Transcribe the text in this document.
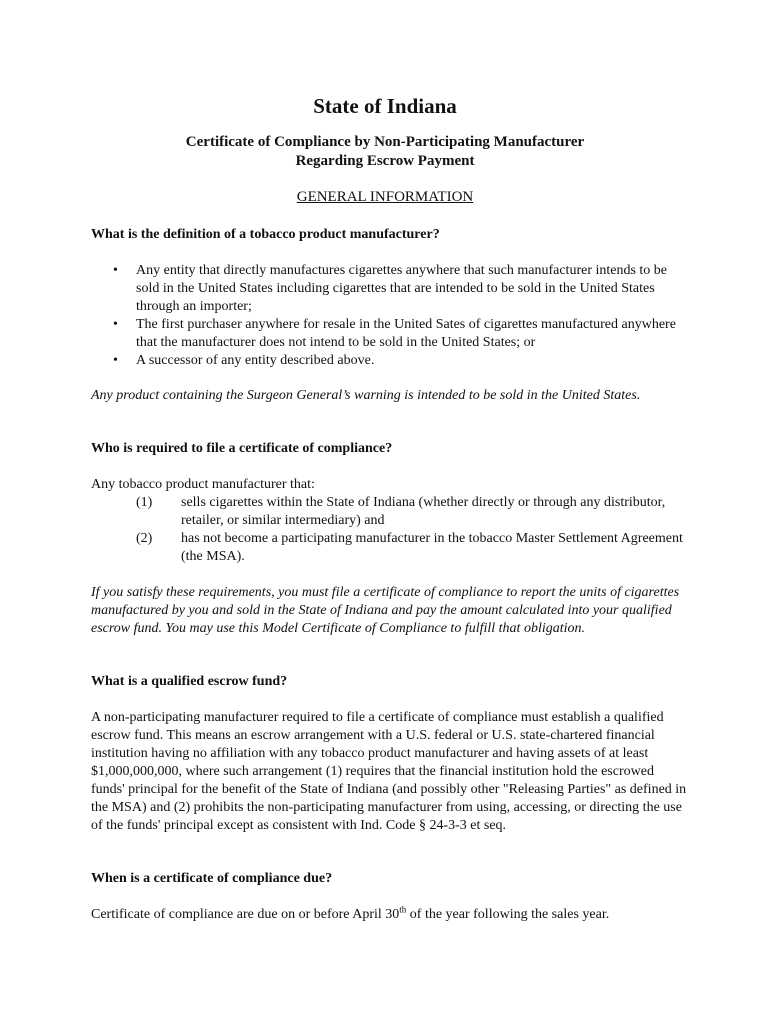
State of Indiana
Certificate of Compliance by Non-Participating Manufacturer
Regarding Escrow Payment
GENERAL INFORMATION
What is the definition of a tobacco product manufacturer?
• Any entity that directly manufactures cigarettes anywhere that such manufacturer intends to be sold in the United States including cigarettes that are intended to be sold in the United States through an importer;
• The first purchaser anywhere for resale in the United Sates of cigarettes manufactured anywhere that the manufacturer does not intend to be sold in the United States; or
• A successor of any entity described above.
Any product containing the Surgeon General’s warning is intended to be sold in the United States.
Who is required to file a certificate of compliance?
Any tobacco product manufacturer that:
(1) sells cigarettes within the State of Indiana (whether directly or through any distributor, retailer, or similar intermediary) and
(2) has not become a participating manufacturer in the tobacco Master Settlement Agreement (the MSA).
If you satisfy these requirements, you must file a certificate of compliance to report the units of cigarettes manufactured by you and sold in the State of Indiana and pay the amount calculated into your qualified escrow fund. You may use this Model Certificate of Compliance to fulfill that obligation.
What is a qualified escrow fund?
A non-participating manufacturer required to file a certificate of compliance must establish a qualified escrow fund. This means an escrow arrangement with a U.S. federal or U.S. state-chartered financial institution having no affiliation with any tobacco product manufacturer and having assets of at least $1,000,000,000, where such arrangement (1) requires that the financial institution hold the escrowed funds' principal for the benefit of the State of Indiana (and possibly other "Releasing Parties" as defined in the MSA) and (2) prohibits the non-participating manufacturer from using, accessing, or directing the use of the funds' principal except as consistent with Ind. Code § 24-3-3 et seq.
When is a certificate of compliance due?
Certificate of compliance are due on or before April 30th of the year following the sales year.
